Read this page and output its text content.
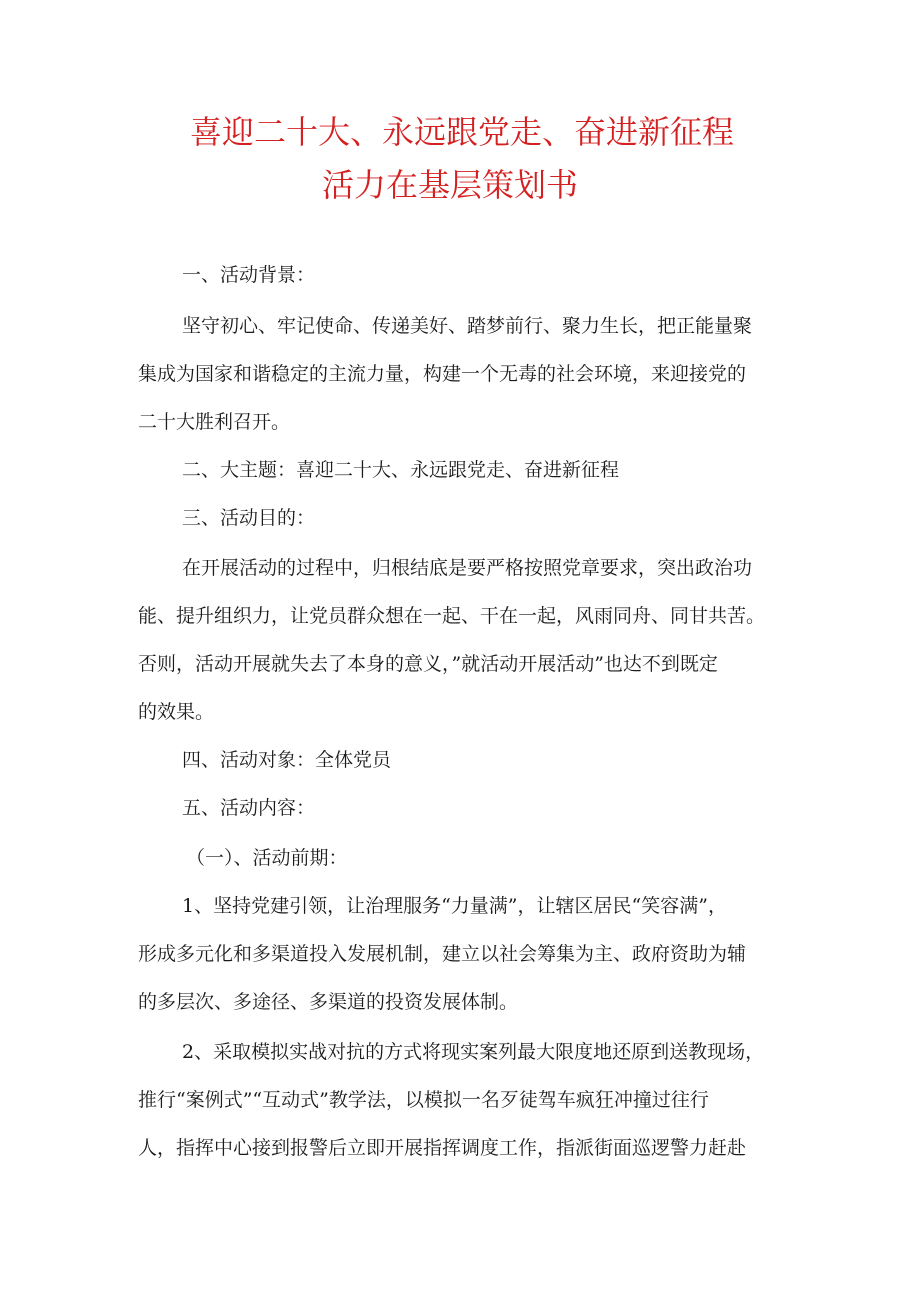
喜迎二十大、永远跟党走、奋进新征程
活力在基层策划书
一、活动背景：
坚守初心、牢记使命、传递美好、踏梦前行、聚力生长，把正能量聚
集成为国家和谐稳定的主流力量，构建一个无毒的社会环境，来迎接党的
二十大胜利召开。
二、大主题：喜迎二十大、永远跟党走、奋进新征程
三、活动目的：
在开展活动的过程中，归根结底是要严格按照党章要求，突出政治功
能、提升组织力，让党员群众想在一起、干在一起，风雨同舟、同甘共苦。
否则，活动开展就失去了本身的意义，”就活动开展活动”也达不到既定
的效果。
四、活动对象：全体党员
五、活动内容：
（一）、活动前期：
1、坚持党建引领，让治理服务“力量满”，让辖区居民“笑容满”，
形成多元化和多渠道投入发展机制，建立以社会筹集为主、政府资助为辅
的多层次、多途径、多渠道的投资发展体制。
2、采取模拟实战对抗的方式将现实案列最大限度地还原到送教现场，
推行“案例式”“互动式”教学法，以模拟一名歹徒驾车疯狂冲撞过往行
人，指挥中心接到报警后立即开展指挥调度工作，指派街面巡逻警力赶赴
